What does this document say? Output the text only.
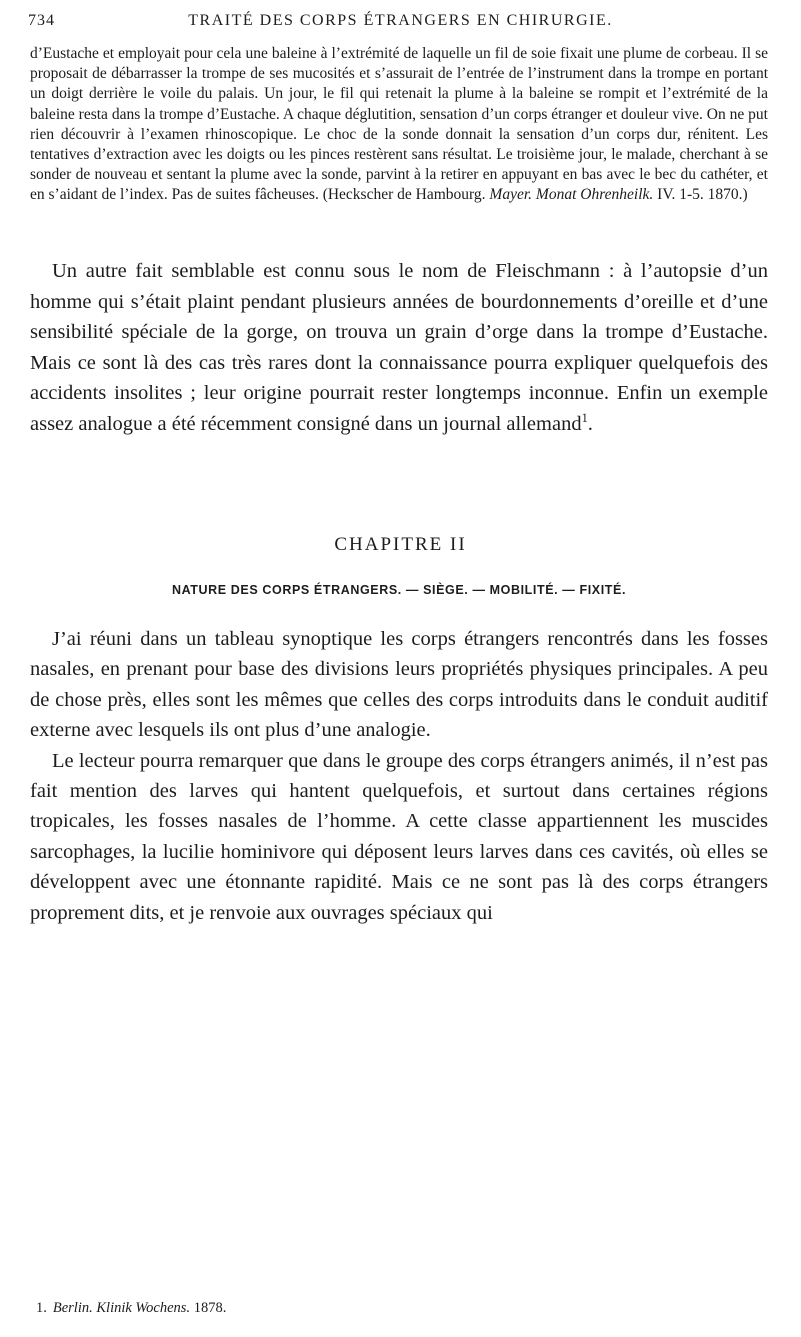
734	TRAITÉ DES CORPS ÉTRANGERS EN CHIRURGIE.

d’Eustache et employait pour cela une baleine à l’extrémité de laquelle un fil de soie fixait une plume de corbeau. Il se proposait de débarrasser la trompe de ses mucosités et s’assurait de l’entrée de l’instrument dans la trompe en portant un doigt derrière le voile du palais. Un jour, le fil qui retenait la plume à la baleine se rompit et l’extrémité de la baleine resta dans la trompe d’Eustache. A chaque déglutition, sensation d’un corps étranger et douleur vive. On ne put rien découvrir à l’examen rhinoscopique. Le choc de la sonde donnait la sensation d’un corps dur, rénitent. Les tentatives d’extraction avec les doigts ou les pinces restèrent sans résultat. Le troisième jour, le malade, cherchant à se sonder de nouveau et sentant la plume avec la sonde, parvint à la retirer en appuyant en bas avec le bec du cathéter, et en s’aidant de l’index. Pas de suites fâcheuses. (Heckscher de Hambourg. Mayer. Monat Ohrenheilk. IV. 1-5. 1870.)

Un autre fait semblable est connu sous le nom de Fleischmann : à l’autopsie d’un homme qui s’était plaint pendant plusieurs années de bourdonnements d’oreille et d’une sensibilité spéciale de la gorge, on trouva un grain d’orge dans la trompe d’Eustache. Mais ce sont là des cas très rares dont la connaissance pourra expliquer quelquefois des accidents insolites ; leur origine pourrait rester longtemps inconnue. Enfin un exemple assez analogue a été récemment consigné dans un journal allemand$^1$.

CHAPITRE II
NATURE DES CORPS ÉTRANGERS. — SIÈGE. — MOBILITÉ. — FIXITÉ.

J’ai réuni dans un tableau synoptique les corps étrangers rencontrés dans les fosses nasales, en prenant pour base des divisions leurs propriétés physiques principales. A peu de chose près, elles sont les mêmes que celles des corps introduits dans le conduit auditif externe avec lesquels ils ont plus d’une analogie.

Le lecteur pourra remarquer que dans le groupe des corps étrangers animés, il n’est pas fait mention des larves qui hantent quelquefois, et surtout dans certaines régions tropicales, les fosses nasales de l’homme. A cette classe appartiennent les muscides sarcophages, la lucilie hominivore qui déposent leurs larves dans ces cavités, où elles se développent avec une étonnante rapidité. Mais ce ne sont pas là des corps étrangers proprement dits, et je renvoie aux ouvrages spéciaux qui

1. Berlin. Klinik Wochens. 1878.
